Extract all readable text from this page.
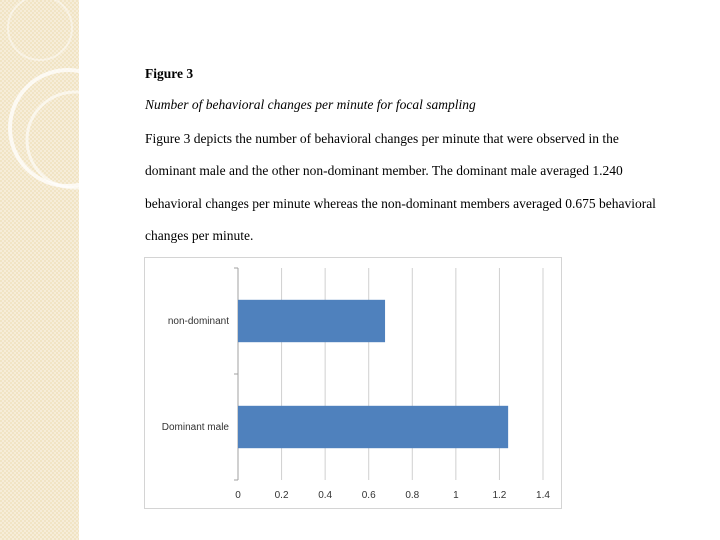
Figure 3
Number of behavioral changes per minute for focal sampling
Figure 3 depicts the number of behavioral changes per minute that were observed in the
dominant male and the other non-dominant member. The dominant male averaged 1.240
behavioral changes per minute whereas the non-dominant members averaged 0.675 behavioral
changes per minute.
0	0.2	0.4	0.6	0.8	1	1.2	1.4
non-dominant
Dominant male
